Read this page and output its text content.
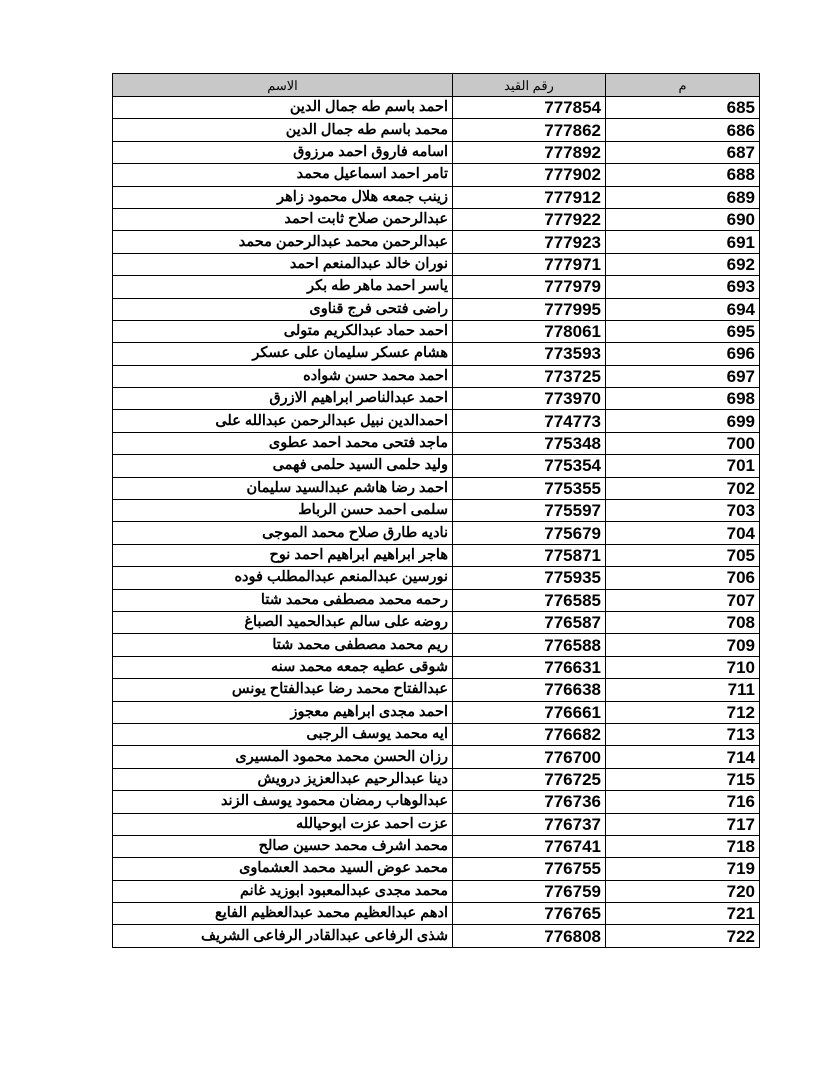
الاسم	رقم القيد	م
احمد باسم طه جمال الدين	777854	685
محمد باسم طه جمال الدين	777862	686
اسامه فاروق احمد مرزوق	777892	687
تامر احمد اسماعيل محمد	777902	688
زينب جمعه هلال محمود زاهر	777912	689
عبدالرحمن صلاح ثابت احمد	777922	690
عبدالرحمن محمد عبدالرحمن محمد	777923	691
نوران خالد عبدالمنعم احمد	777971	692
ياسر احمد ماهر طه بكر	777979	693
راضى فتحى فرج قناوى	777995	694
احمد حماد عبدالكريم متولى	778061	695
هشام عسكر سليمان على عسكر	773593	696
احمد محمد حسن شواده	773725	697
احمد عبدالناصر ابراهيم الازرق	773970	698
احمدالدين نبيل عبدالرحمن عبدالله على	774773	699
ماجد فتحى محمد احمد عطوى	775348	700
وليد حلمى السيد حلمى فهمى	775354	701
احمد رضا هاشم عبدالسيد سليمان	775355	702
سلمى احمد حسن الرباط	775597	703
ناديه طارق صلاح محمد الموجى	775679	704
هاجر ابراهيم ابراهيم احمد نوح	775871	705
نورسين عبدالمنعم عبدالمطلب فوده	775935	706
رحمه محمد مصطفى محمد شتا	776585	707
روضه على سالم عبدالحميد الصباغ	776587	708
ريم محمد مصطفى محمد شتا	776588	709
شوقى عطيه جمعه محمد سنه	776631	710
عبدالفتاح محمد رضا عبدالفتاح يونس	776638	711
احمد مجدى ابراهيم معجوز	776661	712
ايه محمد يوسف الرجبى	776682	713
رزان الحسن محمد محمود المسيرى	776700	714
دينا عبدالرحيم عبدالعزيز درويش	776725	715
عبدالوهاب رمضان محمود يوسف الزند	776736	716
عزت احمد عزت ابوحيالله	776737	717
محمد اشرف محمد حسين صالح	776741	718
محمد عوض السيد محمد العشماوى	776755	719
محمد مجدى عبدالمعبود ابوزيد غانم	776759	720
ادهم عبدالعظيم محمد عبدالعظيم الفايع	776765	721
شذى الرفاعى عبدالقادر الرفاعى الشريف	776808	722
